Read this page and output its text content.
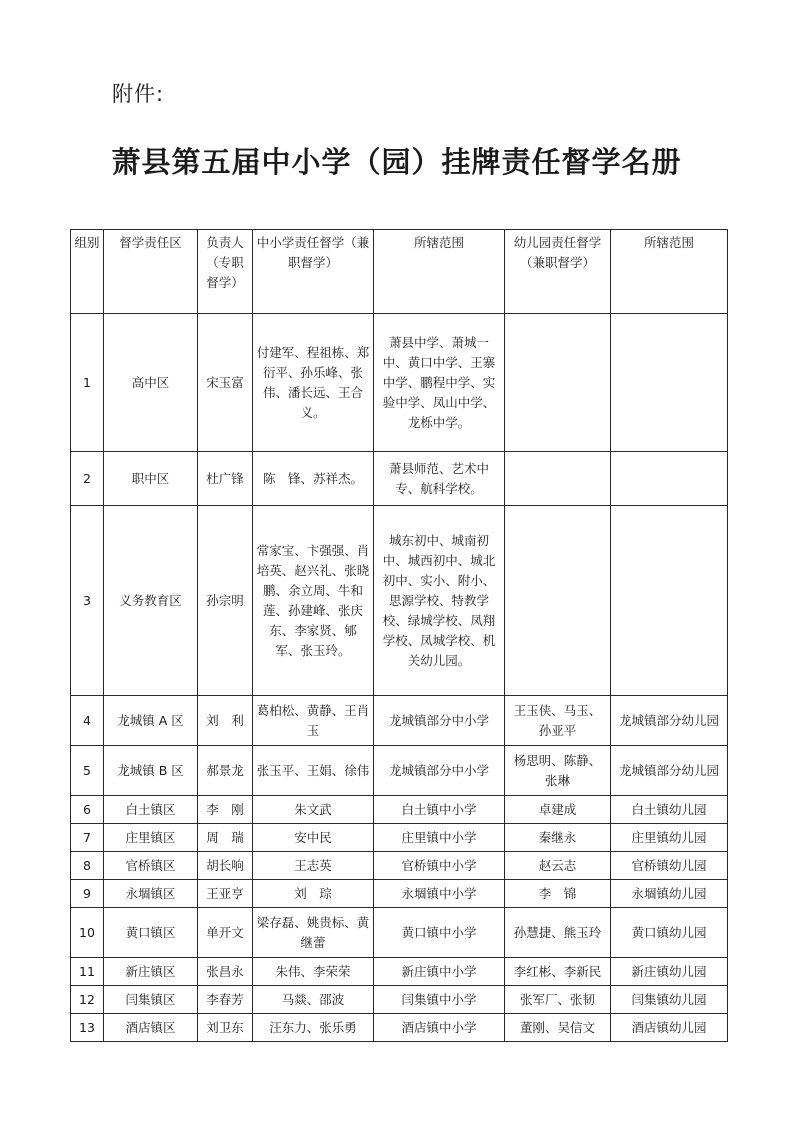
附件:
萧县第五届中小学（园）挂牌责任督学名册
组别	督学责任区	负责人（专职督学）	中小学责任督学（兼职督学）	所辖范围	幼儿园责任督学（兼职督学）	所辖范围
1	高中区	宋玉富	付建军、程祖栋、郑衍平、孙乐峰、张　伟、潘长远、王合义。	萧县中学、萧城一中、黄口中学、王寨中学、鹏程中学、实验中学、凤山中学、龙栎中学。		
2	职中区	杜广锋	陈　锋、苏祥杰。	萧县师范、艺术中专、航科学校。		
3	义务教育区	孙宗明	常家宝、卞强强、肖培英、赵兴礼、张晓鹏、余立周、牛和莲、孙建峰、张庆东、李家贤、郇　军、张玉玲。	城东初中、城南初中、城西初中、城北初中、实小、附小、思源学校、特教学校、绿城学校、凤翔学校、凤城学校、机关幼儿园。		
4	龙城镇 A 区	刘　利	葛柏松、黄静、王肖玉	龙城镇部分中小学	王玉侠、马玉、孙亚平	龙城镇部分幼儿园
5	龙城镇 B 区	郝景龙	张玉平、王娟、徐伟	龙城镇部分中小学	杨思明、陈静、张琳	龙城镇部分幼儿园
6	白土镇区	李　刚	朱文武	白土镇中小学	卓建成	白土镇幼儿园
7	庄里镇区	周　瑞	安中民	庄里镇中小学	秦继永	庄里镇幼儿园
8	官桥镇区	胡长响	王志英	官桥镇中小学	赵云志	官桥镇幼儿园
9	永堌镇区	王亚亨	刘　琮	永堌镇中小学	李　锦	永堌镇幼儿园
10	黄口镇区	单开文	梁存磊、姚贵标、黄继蕾	黄口镇中小学	孙慧捷、熊玉玲	黄口镇幼儿园
11	新庄镇区	张昌永	朱伟、李荣荣	新庄镇中小学	李红彬、李新民	新庄镇幼儿园
12	闫集镇区	李春芳	马燚、邵波	闫集镇中小学	张军厂、张韧	闫集镇幼儿园
13	酒店镇区	刘卫东	汪东力、张乐勇	酒店镇中小学	董刚、吴信文	酒店镇幼儿园
